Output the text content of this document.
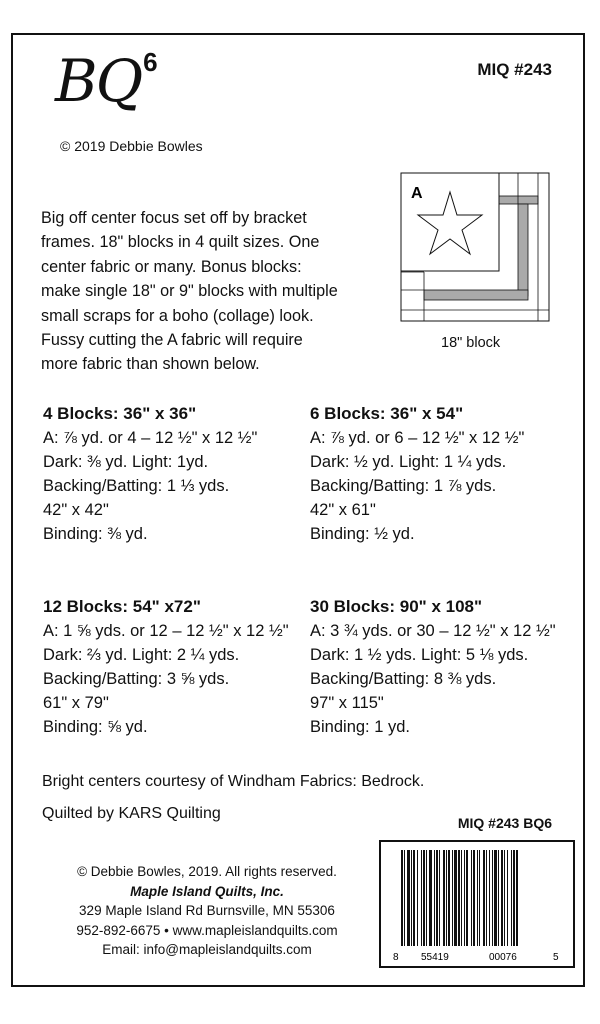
$BQ^6$	MIQ #243
© 2019 Debbie Bowles
Big off center focus set off by bracket
frames. 18" blocks in 4 quilt sizes. One
center fabric or many. Bonus blocks:
make single 18" or 9" blocks with multiple
small scraps for a boho (collage) look.
Fussy cutting the A fabric will require
more fabric than shown below.
A
18" block
4 Blocks: 36" x 36"
A: ⅞ yd. or 4 – 12 ½" x 12 ½"
Dark: ⅜ yd. Light: 1yd.
Backing/Batting: 1 ⅓ yds.
42" x 42"
Binding: ⅜ yd.
6 Blocks: 36" x 54"
A: ⅞ yd. or 6 – 12 ½" x 12 ½"
Dark: ½ yd. Light: 1 ¼ yds.
Backing/Batting: 1 ⅞ yds.
42" x 61"
Binding: ½ yd.
12 Blocks: 54" x72"
A: 1 ⅝ yds. or 12 – 12 ½" x 12 ½"
Dark: ⅔ yd. Light: 2 ¼ yds.
Backing/Batting: 3 ⅝ yds.
61" x 79"
Binding: ⅝ yd.
30 Blocks: 90" x 108"
A: 3 ¾ yds. or 30 – 12 ½" x 12 ½"
Dark: 1 ½ yds. Light: 5 ⅛ yds.
Backing/Batting: 8 ⅜ yds.
97" x 115"
Binding: 1 yd.
Bright centers courtesy of Windham Fabrics: Bedrock.
Quilted by KARS Quilting
MIQ #243 BQ6
© Debbie Bowles, 2019. All rights reserved.
Maple Island Quilts, Inc.
329 Maple Island Rd Burnsville, MN 55306
952-892-6675 • www.mapleislandquilts.com
Email: info@mapleislandquilts.com
8 55419	00076	5
